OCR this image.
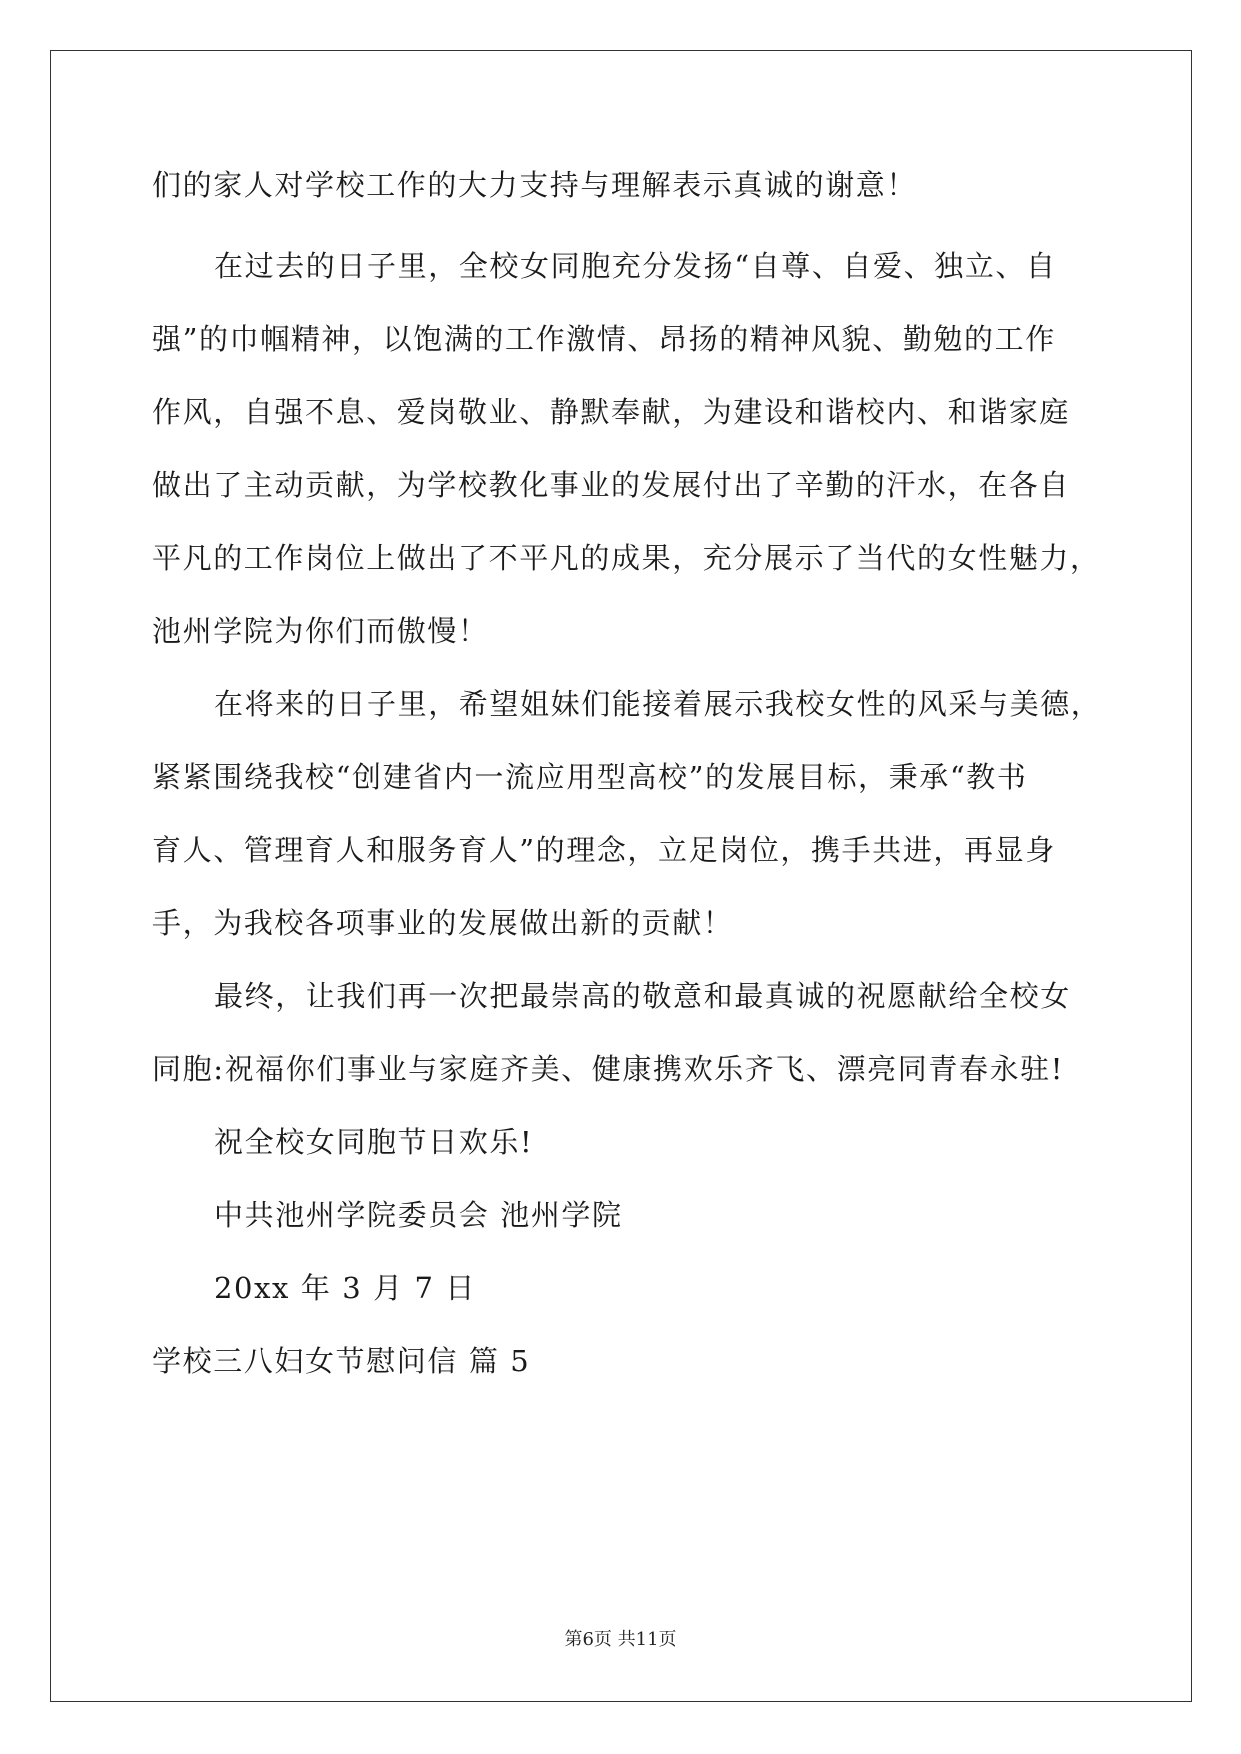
们的家人对学校工作的大力支持与理解表示真诚的谢意！
在过去的日子里，全校女同胞充分发扬“自尊、自爱、独立、自
强”的巾帼精神，以饱满的工作激情、昂扬的精神风貌、勤勉的工作
作风，自强不息、爱岗敬业、静默奉献，为建设和谐校内、和谐家庭
做出了主动贡献，为学校教化事业的发展付出了辛勤的汗水，在各自
平凡的工作岗位上做出了不平凡的成果，充分展示了当代的女性魅力，
池州学院为你们而傲慢！
在将来的日子里，希望姐妹们能接着展示我校女性的风采与美德，
紧紧围绕我校“创建省内一流应用型高校”的发展目标，秉承“教书
育人、管理育人和服务育人”的理念，立足岗位，携手共进，再显身
手，为我校各项事业的发展做出新的贡献！
最终，让我们再一次把最崇高的敬意和最真诚的祝愿献给全校女
同胞:祝福你们事业与家庭齐美、健康携欢乐齐飞、漂亮同青春永驻!
祝全校女同胞节日欢乐!
中共池州学院委员会 池州学院
20xx 年 3 月 7 日
学校三八妇女节慰问信 篇 5
第6页 共11页
